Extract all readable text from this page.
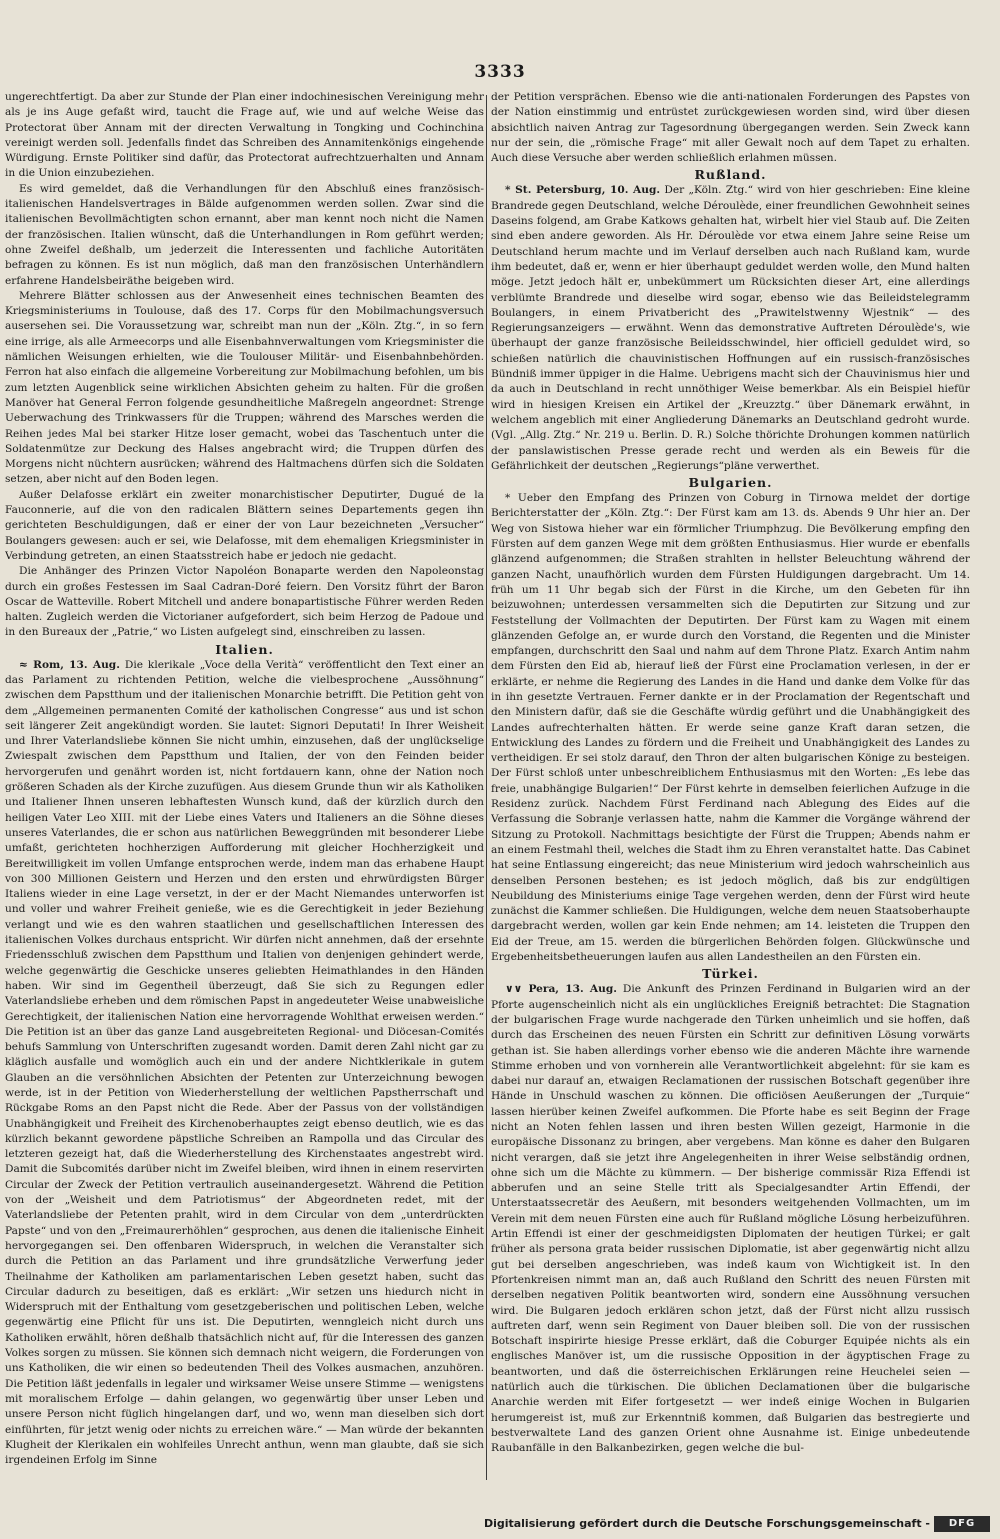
3333

ungerechtfertigt. Da aber zur Stunde der Plan einer indochinesischen Vereinigung mehr als je ins Auge gefaßt wird, taucht die Frage auf, wie und auf welche Weise das Protectorat über Annam mit der directen Verwaltung in Tongking und Cochinchina vereinigt werden soll. Jedenfalls findet das Schreiben des Annamitenkönigs eingehende Würdigung. Ernste Politiker sind dafür, das Protectorat aufrechtzuerhalten und Annam in die Union einzubeziehen.

Es wird gemeldet, daß die Verhandlungen für den Abschluß eines französisch-italienischen Handelsvertrages in Bälde aufgenommen werden sollen. Zwar sind die italienischen Bevollmächtigten schon ernannt, aber man kennt noch nicht die Namen der französischen. Italien wünscht, daß die Unterhandlungen in Rom geführt werden; ohne Zweifel deßhalb, um jederzeit die Interessenten und fachliche Autoritäten befragen zu können. Es ist nun möglich, daß man den französischen Unterhändlern erfahrene Handelsbeiräthe beigeben wird.

Mehrere Blätter schlossen aus der Anwesenheit eines technischen Beamten des Kriegsministeriums in Toulouse, daß des 17. Corps für den Mobilmachungsversuch ausersehen sei. Die Voraussetzung war, schreibt man nun der „Köln. Ztg.“, in so fern eine irrige, als alle Armeecorps und alle Eisenbahnverwaltungen vom Kriegsminister die nämlichen Weisungen erhielten, wie die Toulouser Militär- und Eisenbahnbehörden. Ferron hat also einfach die allgemeine Vorbereitung zur Mobilmachung befohlen, um bis zum letzten Augenblick seine wirklichen Absichten geheim zu halten. Für die großen Manöver hat General Ferron folgende gesundheitliche Maßregeln angeordnet: Strenge Ueberwachung des Trinkwassers für die Truppen; während des Marsches werden die Reihen jedes Mal bei starker Hitze loser gemacht, wobei das Taschentuch unter die Soldatenmütze zur Deckung des Halses angebracht wird; die Truppen dürfen des Morgens nicht nüchtern ausrücken; während des Haltmachens dürfen sich die Soldaten setzen, aber nicht auf den Boden legen.

Außer Delafosse erklärt ein zweiter monarchistischer Deputirter, Dugué de la Fauconnerie, auf die von den radicalen Blättern seines Departements gegen ihn gerichteten Beschuldigungen, daß er einer der von Laur bezeichneten „Versucher“ Boulangers gewesen: auch er sei, wie Delafosse, mit dem ehemaligen Kriegsminister in Verbindung getreten, an einen Staatsstreich habe er jedoch nie gedacht.

Die Anhänger des Prinzen Victor Napoléon Bonaparte werden den Napoleonstag durch ein großes Festessen im Saal Cadran-Doré feiern. Den Vorsitz führt der Baron Oscar de Watteville. Robert Mitchell und andere bonapartistische Führer werden Reden halten. Zugleich werden die Victorianer aufgefordert, sich beim Herzog de Padoue und in den Bureaux der „Patrie,“ wo Listen aufgelegt sind, einschreiben zu lassen.

Italien.

≈ Rom, 13. Aug. Die klerikale „Voce della Verità“ veröffentlicht den Text einer an das Parlament zu richtenden Petition, welche die vielbesprochene „Aussöhnung“ zwischen dem Papstthum und der italienischen Monarchie betrifft. Die Petition geht von dem „Allgemeinen permanenten Comité der katholischen Congresse“ aus und ist schon seit längerer Zeit angekündigt worden. Sie lautet: Signori Deputati! In Ihrer Weisheit und Ihrer Vaterlandsliebe können Sie nicht umhin, einzusehen, daß der unglückselige Zwiespalt zwischen dem Papstthum und Italien, der von den Feinden beider hervorgerufen und genährt worden ist, nicht fortdauern kann, ohne der Nation noch größeren Schaden als der Kirche zuzufügen. Aus diesem Grunde thun wir als Katholiken und Italiener Ihnen unseren lebhaftesten Wunsch kund, daß der kürzlich durch den heiligen Vater Leo XIII. mit der Liebe eines Vaters und Italieners an die Söhne dieses unseres Vaterlandes, die er schon aus natürlichen Beweggründen mit besonderer Liebe umfaßt, gerichteten hochherzigen Aufforderung mit gleicher Hochherzigkeit und Bereitwilligkeit im vollen Umfange entsprochen werde, indem man das erhabene Haupt von 300 Millionen Geistern und Herzen und den ersten und ehrwürdigsten Bürger Italiens wieder in eine Lage versetzt, in der er der Macht Niemandes unterworfen ist und voller und wahrer Freiheit genieße, wie es die Gerechtigkeit in jeder Beziehung verlangt und wie es den wahren staatlichen und gesellschaftlichen Interessen des italienischen Volkes durchaus entspricht. Wir dürfen nicht annehmen, daß der ersehnte Friedensschluß zwischen dem Papstthum und Italien von denjenigen gehindert werde, welche gegenwärtig die Geschicke unseres geliebten Heimathlandes in den Händen haben. Wir sind im Gegentheil überzeugt, daß Sie sich zu Regungen edler Vaterlandsliebe erheben und dem römischen Papst in angedeuteter Weise unabweisliche Gerechtigkeit, der italienischen Nation eine hervorragende Wohlthat erweisen werden.“ Die Petition ist an über das ganze Land ausgebreiteten Regional- und Diöcesan-Comités behufs Sammlung von Unterschriften zugesandt worden. Damit deren Zahl nicht gar zu kläglich ausfalle und womöglich auch ein und der andere Nichtklerikale in gutem Glauben an die versöhnlichen Absichten der Petenten zur Unterzeichnung bewogen werde, ist in der Petition von Wiederherstellung der weltlichen Papstherrschaft und Rückgabe Roms an den Papst nicht die Rede. Aber der Passus von der vollständigen Unabhängigkeit und Freiheit des Kirchenoberhauptes zeigt ebenso deutlich, wie es das kürzlich bekannt gewordene päpstliche Schreiben an Rampolla und das Circular des letzteren gezeigt hat, daß die Wiederherstellung des Kirchenstaates angestrebt wird. Damit die Subcomités darüber nicht im Zweifel bleiben, wird ihnen in einem reservirten Circular der Zweck der Petition vertraulich auseinandergesetzt. Während die Petition von der „Weisheit und dem Patriotismus“ der Abgeordneten redet, mit der Vaterlandsliebe der Petenten prahlt, wird in dem Circular von dem „unterdrückten Papste“ und von den „Freimaurerhöhlen“ gesprochen, aus denen die italienische Einheit hervorgegangen sei. Den offenbaren Widerspruch, in welchen die Veranstalter sich durch die Petition an das Parlament und ihre grundsätzliche Verwerfung jeder Theilnahme der Katholiken am parlamentarischen Leben gesetzt haben, sucht das Circular dadurch zu beseitigen, daß es erklärt: „Wir setzen uns hiedurch nicht in Widerspruch mit der Enthaltung vom gesetzgeberischen und politischen Leben, welche gegenwärtig eine Pflicht für uns ist. Die Deputirten, wenngleich nicht durch uns Katholiken erwählt, hören deßhalb thatsächlich nicht auf, für die Interessen des ganzen Volkes sorgen zu müssen. Sie können sich demnach nicht weigern, die Forderungen von uns Katholiken, die wir einen so bedeutenden Theil des Volkes ausmachen, anzuhören. Die Petition läßt jedenfalls in legaler und wirksamer Weise unsere Stimme — wenigstens mit moralischem Erfolge — dahin gelangen, wo gegenwärtig über unser Leben und unsere Person nicht füglich hingelangen darf, und wo, wenn man dieselben sich dort einführten, für jetzt wenig oder nichts zu erreichen wäre.“ — Man würde der bekannten Klugheit der Klerikalen ein wohlfeiles Unrecht anthun, wenn man glaubte, daß sie sich irgendeinen Erfolg im Sinne

der Petition versprächen. Ebenso wie die anti-nationalen Forderungen des Papstes von der Nation einstimmig und entrüstet zurückgewiesen worden sind, wird über diesen absichtlich naiven Antrag zur Tagesordnung übergegangen werden. Sein Zweck kann nur der sein, die „römische Frage“ mit aller Gewalt noch auf dem Tapet zu erhalten. Auch diese Versuche aber werden schließlich erlahmen müssen.

Rußland.

* St. Petersburg, 10. Aug. Der „Köln. Ztg.“ wird von hier geschrieben: Eine kleine Brandrede gegen Deutschland, welche Déroulède, einer freundlichen Gewohnheit seines Daseins folgend, am Grabe Katkows gehalten hat, wirbelt hier viel Staub auf. Die Zeiten sind eben andere geworden. Als Hr. Déroulède vor etwa einem Jahre seine Reise um Deutschland herum machte und im Verlauf derselben auch nach Rußland kam, wurde ihm bedeutet, daß er, wenn er hier überhaupt geduldet werden wolle, den Mund halten möge. Jetzt jedoch hält er, unbekümmert um Rücksichten dieser Art, eine allerdings verblümte Brandrede und dieselbe wird sogar, ebenso wie das Beileidstelegramm Boulangers, in einem Privatbericht des „Prawitelstwenny Wjestnik“ — des Regierungsanzeigers — erwähnt. Wenn das demonstrative Auftreten Déroulède's, wie überhaupt der ganze französische Beileidsschwindel, hier officiell geduldet wird, so schießen natürlich die chauvinistischen Hoffnungen auf ein russisch-französisches Bündniß immer üppiger in die Halme. Uebrigens macht sich der Chauvinismus hier und da auch in Deutschland in recht unnöthiger Weise bemerkbar. Als ein Beispiel hiefür wird in hiesigen Kreisen ein Artikel der „Kreuzztg.“ über Dänemark erwähnt, in welchem angeblich mit einer Angliederung Dänemarks an Deutschland gedroht wurde. (Vgl. „Allg. Ztg.“ Nr. 219 u. Berlin. D. R.) Solche thörichte Drohungen kommen natürlich der panslawistischen Presse gerade recht und werden als ein Beweis für die Gefährlichkeit der deutschen „Regierungs“pläne verwerthet.

Bulgarien.

* Ueber den Empfang des Prinzen von Coburg in Tirnowa meldet der dortige Berichterstatter der „Köln. Ztg.“: Der Fürst kam am 13. ds. Abends 9 Uhr hier an. Der Weg von Sistowa hieher war ein förmlicher Triumphzug. Die Bevölkerung empfing den Fürsten auf dem ganzen Wege mit dem größten Enthusiasmus. Hier wurde er ebenfalls glänzend aufgenommen; die Straßen strahlten in hellster Beleuchtung während der ganzen Nacht, unaufhörlich wurden dem Fürsten Huldigungen dargebracht. Um 14. früh um 11 Uhr begab sich der Fürst in die Kirche, um den Gebeten für ihn beizuwohnen; unterdessen versammelten sich die Deputirten zur Sitzung und zur Feststellung der Vollmachten der Deputirten. Der Fürst kam zu Wagen mit einem glänzenden Gefolge an, er wurde durch den Vorstand, die Regenten und die Minister empfangen, durchschritt den Saal und nahm auf dem Throne Platz. Exarch Antim nahm dem Fürsten den Eid ab, hierauf ließ der Fürst eine Proclamation verlesen, in der er erklärte, er nehme die Regierung des Landes in die Hand und danke dem Volke für das in ihn gesetzte Vertrauen. Ferner dankte er in der Proclamation der Regentschaft und den Ministern dafür, daß sie die Geschäfte würdig geführt und die Unabhängigkeit des Landes aufrechterhalten hätten. Er werde seine ganze Kraft daran setzen, die Entwicklung des Landes zu fördern und die Freiheit und Unabhängigkeit des Landes zu vertheidigen. Er sei stolz darauf, den Thron der alten bulgarischen Könige zu besteigen. Der Fürst schloß unter unbeschreiblichem Enthusiasmus mit den Worten: „Es lebe das freie, unabhängige Bulgarien!“ Der Fürst kehrte in demselben feierlichen Aufzuge in die Residenz zurück. Nachdem Fürst Ferdinand nach Ablegung des Eides auf die Verfassung die Sobranje verlassen hatte, nahm die Kammer die Vorgänge während der Sitzung zu Protokoll. Nachmittags besichtigte der Fürst die Truppen; Abends nahm er an einem Festmahl theil, welches die Stadt ihm zu Ehren veranstaltet hatte. Das Cabinet hat seine Entlassung eingereicht; das neue Ministerium wird jedoch wahrscheinlich aus denselben Personen bestehen; es ist jedoch möglich, daß bis zur endgültigen Neubildung des Ministeriums einige Tage vergehen werden, denn der Fürst wird heute zunächst die Kammer schließen. Die Huldigungen, welche dem neuen Staatsoberhaupte dargebracht werden, wollen gar kein Ende nehmen; am 14. leisteten die Truppen den Eid der Treue, am 15. werden die bürgerlichen Behörden folgen. Glückwünsche und Ergebenheitsbetheuerungen laufen aus allen Landestheilen an den Fürsten ein.

Türkei.

∨∨ Pera, 13. Aug. Die Ankunft des Prinzen Ferdinand in Bulgarien wird an der Pforte augenscheinlich nicht als ein unglückliches Ereigniß betrachtet: Die Stagnation der bulgarischen Frage wurde nachgerade den Türken unheimlich und sie hoffen, daß durch das Erscheinen des neuen Fürsten ein Schritt zur definitiven Lösung vorwärts gethan ist. Sie haben allerdings vorher ebenso wie die anderen Mächte ihre warnende Stimme erhoben und von vornherein alle Verantwortlichkeit abgelehnt: für sie kam es dabei nur darauf an, etwaigen Reclamationen der russischen Botschaft gegenüber ihre Hände in Unschuld waschen zu können. Die officiösen Aeußerungen der „Turquie“ lassen hierüber keinen Zweifel aufkommen. Die Pforte habe es seit Beginn der Frage nicht an Noten fehlen lassen und ihren besten Willen gezeigt, Harmonie in die europäische Dissonanz zu bringen, aber vergebens. Man könne es daher den Bulgaren nicht verargen, daß sie jetzt ihre Angelegenheiten in ihrer Weise selbständig ordnen, ohne sich um die Mächte zu kümmern. — Der bisherige commissär Riza Effendi ist abberufen und an seine Stelle tritt als Specialgesandter Artin Effendi, der Unterstaatssecretär des Aeußern, mit besonders weitgehenden Vollmachten, um im Verein mit dem neuen Fürsten eine auch für Rußland mögliche Lösung herbeizuführen. Artin Effendi ist einer der geschmeidigsten Diplomaten der heutigen Türkei; er galt früher als persona grata beider russischen Diplomatie, ist aber gegenwärtig nicht allzu gut bei derselben angeschrieben, was indeß kaum von Wichtigkeit ist. In den Pfortenkreisen nimmt man an, daß auch Rußland den Schritt des neuen Fürsten mit derselben negativen Politik beantworten wird, sondern eine Aussöhnung versuchen wird. Die Bulgaren jedoch erklären schon jetzt, daß der Fürst nicht allzu russisch auftreten darf, wenn sein Regiment von Dauer bleiben soll. Die von der russischen Botschaft inspirirte hiesige Presse erklärt, daß die Coburger Equipée nichts als ein englisches Manöver ist, um die russische Opposition in der ägyptischen Frage zu beantworten, und daß die österreichischen Erklärungen reine Heuchelei seien — natürlich auch die türkischen. Die üblichen Declamationen über die bulgarische Anarchie werden mit Eifer fortgesetzt — wer indeß einige Wochen in Bulgarien herumgereist ist, muß zur Erkenntniß kommen, daß Bulgarien das bestregierte und bestverwaltete Land des ganzen Orient ohne Ausnahme ist. Einige unbedeutende Raubanfälle in den Balkanbezirken, gegen welche die bul-

Digitalisierung gefördert durch die Deutsche Forschungsgemeinschaft -	DFG
